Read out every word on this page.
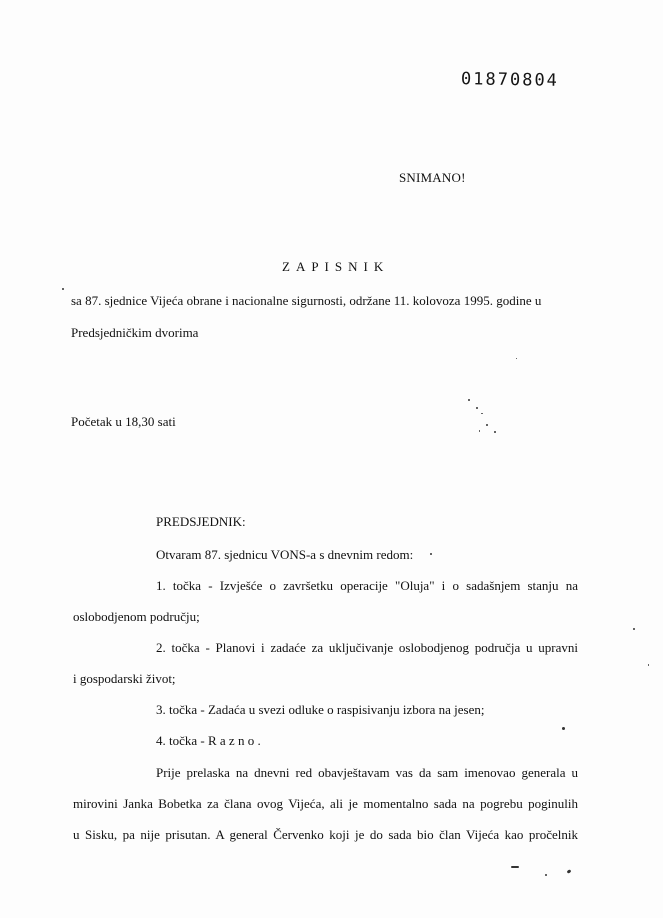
01870804
SNIMANO!
ZAPISNIK
sa 87. sjednice Vijeća obrane i nacionalne sigurnosti, održane 11. kolovoza 1995. godine u
Predsjedničkim dvorima
Početak u 18,30 sati
PREDSJEDNIK:
Otvaram 87. sjednicu VONS-a s dnevnim redom:
1. točka - Izvješće o završetku operacije "Oluja" i o sadašnjem stanju na
oslobodjenom području;
2. točka - Planovi i zadaće za uključivanje oslobodjenog područja u upravni
i gospodarski život;
3. točka - Zadaća u svezi odluke o raspisivanju izbora na jesen;
4. točka - R a z n o .
Prije prelaska na dnevni red obavještavam vas da sam imenovao generala u
mirovini Janka Bobetka za člana ovog Vijeća, ali je momentalno sada na pogrebu poginulih
u Sisku, pa nije prisutan. A general Červenko koji je do sada bio član Vijeća kao pročelnik
